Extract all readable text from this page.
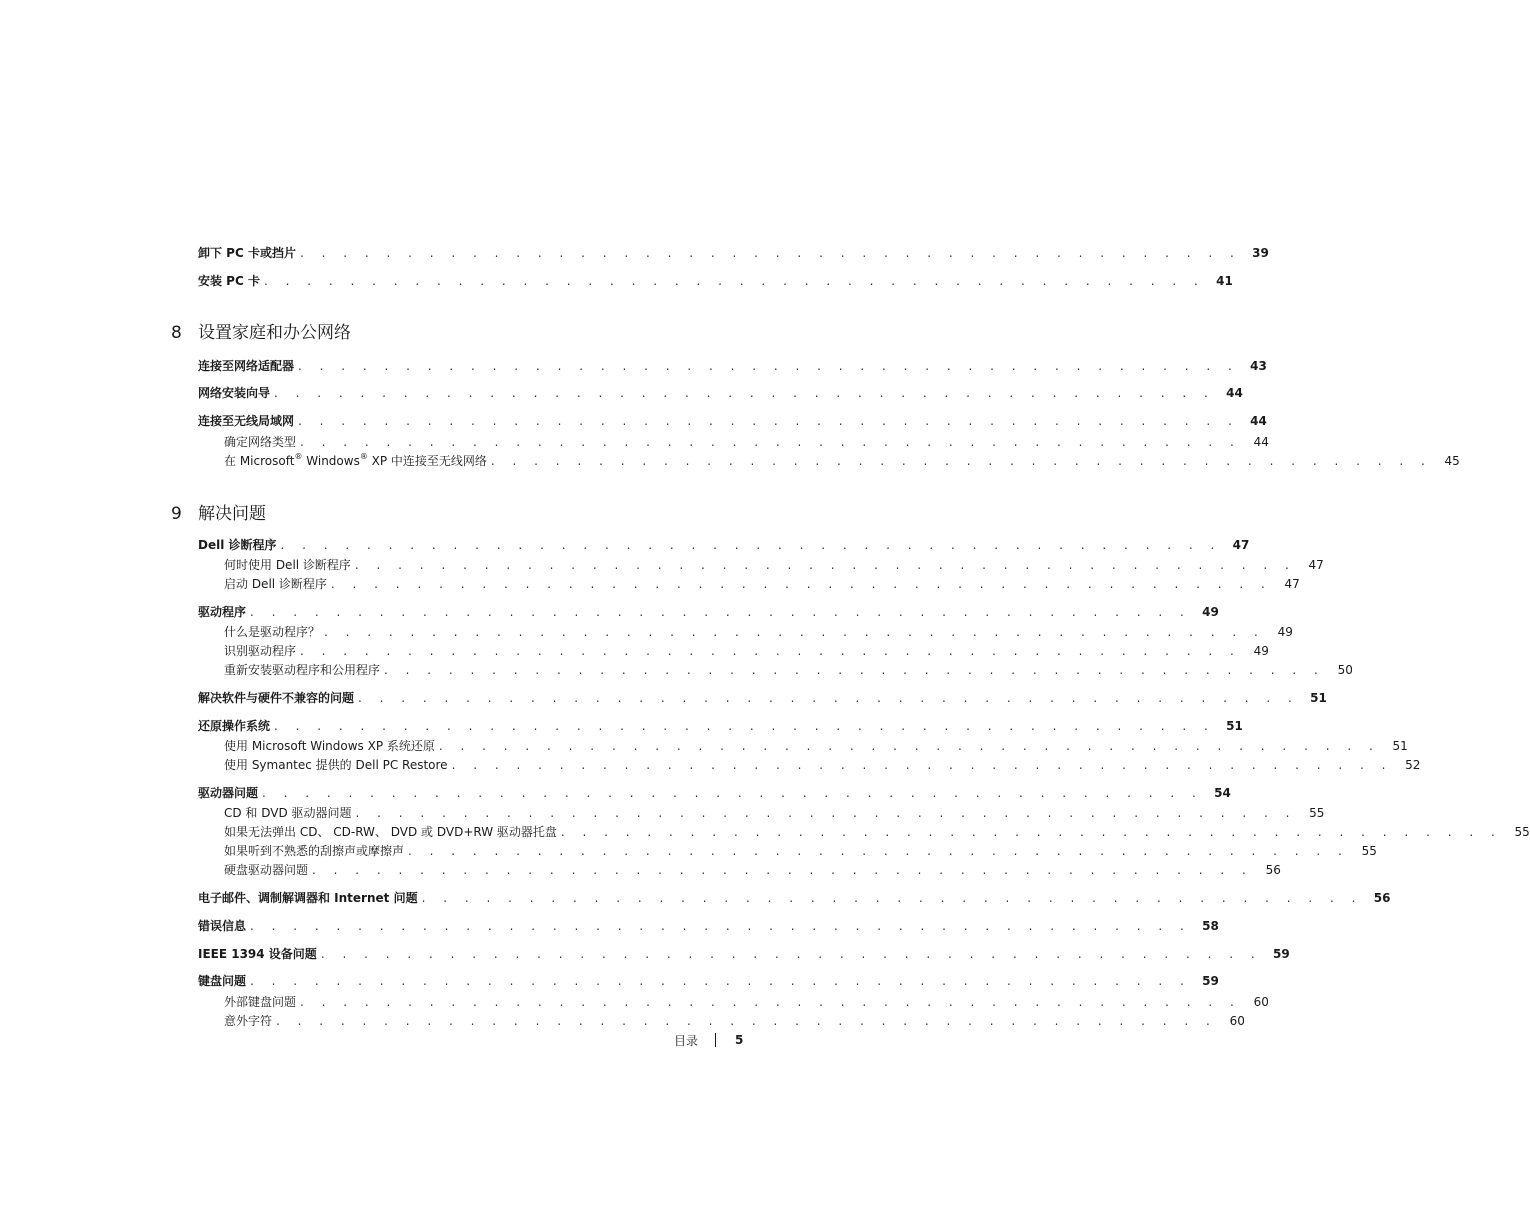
卸下 PC 卡或挡片 . . . . . . . . . . . . . . . . . . . . . . . . . . . . . . . . . . . . . . . . . . . . 39
安装 PC 卡 . . . . . . . . . . . . . . . . . . . . . . . . . . . . . . . . . . . . . . . . . . . . 41
8 设置家庭和办公网络
连接至网络适配器 . . . . . . . . . . . . . . . . . . . . . . . . . . . . . . . . . . . . . . . . . . . . 43
网络安装向导 . . . . . . . . . . . . . . . . . . . . . . . . . . . . . . . . . . . . . . . . . . . . 44
连接至无线局域网 . . . . . . . . . . . . . . . . . . . . . . . . . . . . . . . . . . . . . . . . . . . . 44
确定网络类型 . . . . . . . . . . . . . . . . . . . . . . . . . . . . . . . . . . . . . . . . . . . .	44
在 Microsoft® Windows® XP 中连接至无线网络 . . . . . . . . . . . . . . . . . . . . . . . . . . . . . . . . . . . . . . . . . . . .	45
9 解决问题
Dell 诊断程序 . . . . . . . . . . . . . . . . . . . . . . . . . . . . . . . . . . . . . . . . . . . . 47
何时使用 Dell 诊断程序 . . . . . . . . . . . . . . . . . . . . . . . . . . . . . . . . . . . . . . . . . . . .	47
启动 Dell 诊断程序 . . . . . . . . . . . . . . . . . . . . . . . . . . . . . . . . . . . . . . . . . . . .	47
驱动程序 . . . . . . . . . . . . . . . . . . . . . . . . . . . . . . . . . . . . . . . . . . . . 49
什么是驱动程序？ . . . . . . . . . . . . . . . . . . . . . . . . . . . . . . . . . . . . . . . . . . . .	49
识别驱动程序 . . . . . . . . . . . . . . . . . . . . . . . . . . . . . . . . . . . . . . . . . . . .	49
重新安装驱动程序和公用程序 . . . . . . . . . . . . . . . . . . . . . . . . . . . . . . . . . . . . . . . . . . . .	50
解决软件与硬件不兼容的问题 . . . . . . . . . . . . . . . . . . . . . . . . . . . . . . . . . . . . . . . . . . . . 51
还原操作系统 . . . . . . . . . . . . . . . . . . . . . . . . . . . . . . . . . . . . . . . . . . . . 51
使用 Microsoft Windows XP 系统还原 . . . . . . . . . . . . . . . . . . . . . . . . . . . . . . . . . . . . . . . . . . . .	51
使用 Symantec 提供的 Dell PC Restore . . . . . . . . . . . . . . . . . . . . . . . . . . . . . . . . . . . . . . . . . . . .	52
驱动器问题 . . . . . . . . . . . . . . . . . . . . . . . . . . . . . . . . . . . . . . . . . . . . 54
CD 和 DVD 驱动器问题 . . . . . . . . . . . . . . . . . . . . . . . . . . . . . . . . . . . . . . . . . . . .	55
如果无法弹出 CD、 CD-RW、 DVD 或 DVD+RW 驱动器托盘 . . . . . . . . . . . . . . . . . . . . . . . . . . . . . . . . . . . . . . . . . . . .	55
如果听到不熟悉的刮擦声或摩擦声 . . . . . . . . . . . . . . . . . . . . . . . . . . . . . . . . . . . . . . . . . . . .	55
硬盘驱动器问题 . . . . . . . . . . . . . . . . . . . . . . . . . . . . . . . . . . . . . . . . . . . .	56
电子邮件、调制解调器和 Internet 问题 . . . . . . . . . . . . . . . . . . . . . . . . . . . . . . . . . . . . . . . . . . . . 56
错误信息 . . . . . . . . . . . . . . . . . . . . . . . . . . . . . . . . . . . . . . . . . . . . 58
IEEE 1394 设备问题 . . . . . . . . . . . . . . . . . . . . . . . . . . . . . . . . . . . . . . . . . . . . 59
键盘问题 . . . . . . . . . . . . . . . . . . . . . . . . . . . . . . . . . . . . . . . . . . . . 59
外部键盘问题 . . . . . . . . . . . . . . . . . . . . . . . . . . . . . . . . . . . . . . . . . . . .	60
意外字符 . . . . . . . . . . . . . . . . . . . . . . . . . . . . . . . . . . . . . . . . . . . .	60
目录	5
